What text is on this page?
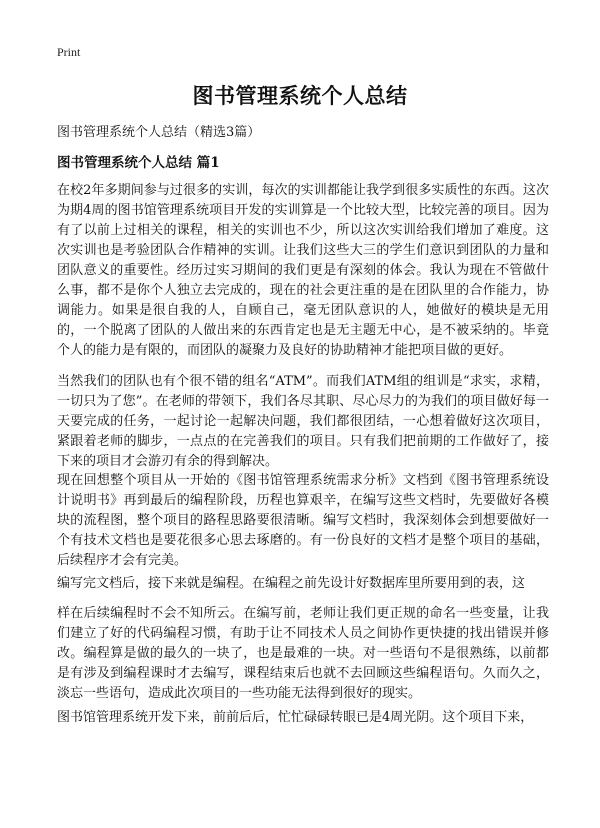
Print
图书管理系统个人总结

图书管理系统个人总结（精选3篇）

图书管理系统个人总结 篇1

在校2年多期间参与过很多的实训，每次的实训都能让我学到很多实质性的东西。这次为期4周的图书馆管理系统项目开发的实训算是一个比较大型，比较完善的项目。因为有了以前上过相关的课程，相关的实训也不少，所以这次实训给我们增加了难度。这次实训也是考验团队合作精神的实训。让我们这些大三的学生们意识到团队的力量和团队意义的重要性。经历过实习期间的我们更是有深刻的体会。我认为现在不管做什么事，都不是你个人独立去完成的，现在的社会更注重的是在团队里的合作能力，协调能力。如果是很自我的人，自顾自己，毫无团队意识的人，她做好的模块是无用的，一个脱离了团队的人做出来的东西肯定也是无主题无中心，是不被采纳的。毕竟个人的能力是有限的，而团队的凝聚力及良好的协助精神才能把项目做的更好。

当然我们的团队也有个很不错的组名“ATM”。而我们ATM组的组训是“求实，求精，一切只为了您”。在老师的带领下，我们各尽其职、尽心尽力的为我们的项目做好每一天要完成的任务，一起讨论一起解决问题，我们都很团结，一心想着做好这次项目，紧跟着老师的脚步，一点点的在完善我们的项目。只有我们把前期的工作做好了，接下来的项目才会游刃有余的得到解决。

现在回想整个项目从一开始的《图书馆管理系统需求分析》文档到《图书管理系统设计说明书》再到最后的编程阶段，历程也算艰辛，在编写这些文档时，先要做好各模块的流程图，整个项目的路程思路要很清晰。编写文档时，我深刻体会到想要做好一个有技术文档也是要花很多心思去琢磨的。有一份良好的文档才是整个项目的基础，后续程序才会有完美。

编写完文档后，接下来就是编程。在编程之前先设计好数据库里所要用到的表，这

样在后续编程时不会不知所云。在编写前，老师让我们更正规的命名一些变量，让我们建立了好的代码编程习惯，有助于让不同技术人员之间协作更快捷的找出错误并修改。编程算是做的最久的一块了，也是最难的一块。对一些语句不是很熟练，以前都是有涉及到编程课时才去编写，课程结束后也就不去回顾这些编程语句。久而久之，淡忘一些语句，造成此次项目的一些功能无法得到很好的现实。

图书馆管理系统开发下来，前前后后，忙忙碌碌转眼已是4周光阴。这个项目下来，
